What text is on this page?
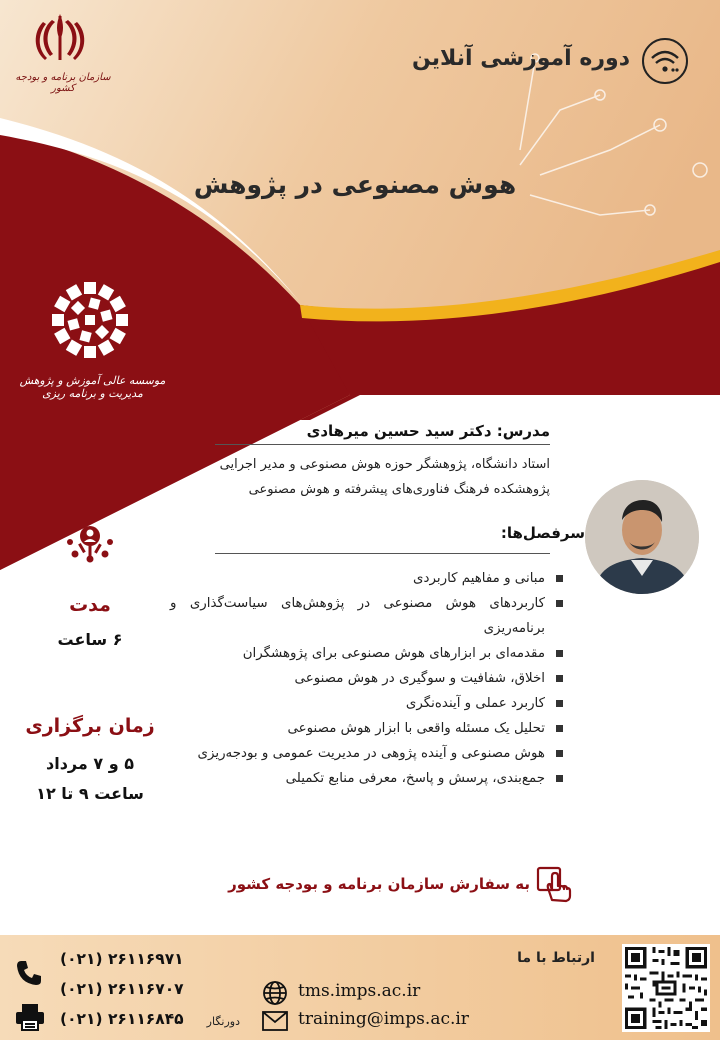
سازمان برنامه و بودجه کشور
دوره آموزشی آنلاین
هوش مصنوعی در پژوهش
موسسه عالی آموزش و پژوهش مدیریت و برنامه ریزی
مدرس: دکتر سید حسین میرهادی
استاد دانشگاه، پژوهشگر حوزه هوش مصنوعی و مدیر اجرایی
پژوهشکده فرهنگ فناوری‌های پیشرفته و هوش مصنوعی
سرفصل‌ها:
مبانی و مفاهیم کاربردی
کاربردهای هوش مصنوعی در پژوهش‌های سیاست‌گذاری و برنامه‌ریزی
مقدمه‌ای بر ابزارهای هوش مصنوعی برای پژوهشگران
اخلاق، شفافیت و سوگیری در هوش مصنوعی
کاربرد عملی و آینده‌نگری
تحلیل یک مسئله واقعی با ابزار هوش مصنوعی
هوش مصنوعی و آینده پژوهی در مدیریت عمومی و بودجه‌ریزی
جمع‌بندی، پرسش و پاسخ، معرفی منابع تکمیلی
مدت
۶ ساعت
زمان برگزاری
۵ و ۷ مرداد
ساعت ۹ تا ۱۲
به سفارش سازمان برنامه و بودجه کشور
ارتباط با ما
(۰۲۱) ۲۶۱۱۶۹۷۱
(۰۲۱) ۲۶۱۱۶۷۰۷
(۰۲۱) ۲۶۱۱۶۸۴۵	دورنگار
tms.imps.ac.ir
training@imps.ac.ir
